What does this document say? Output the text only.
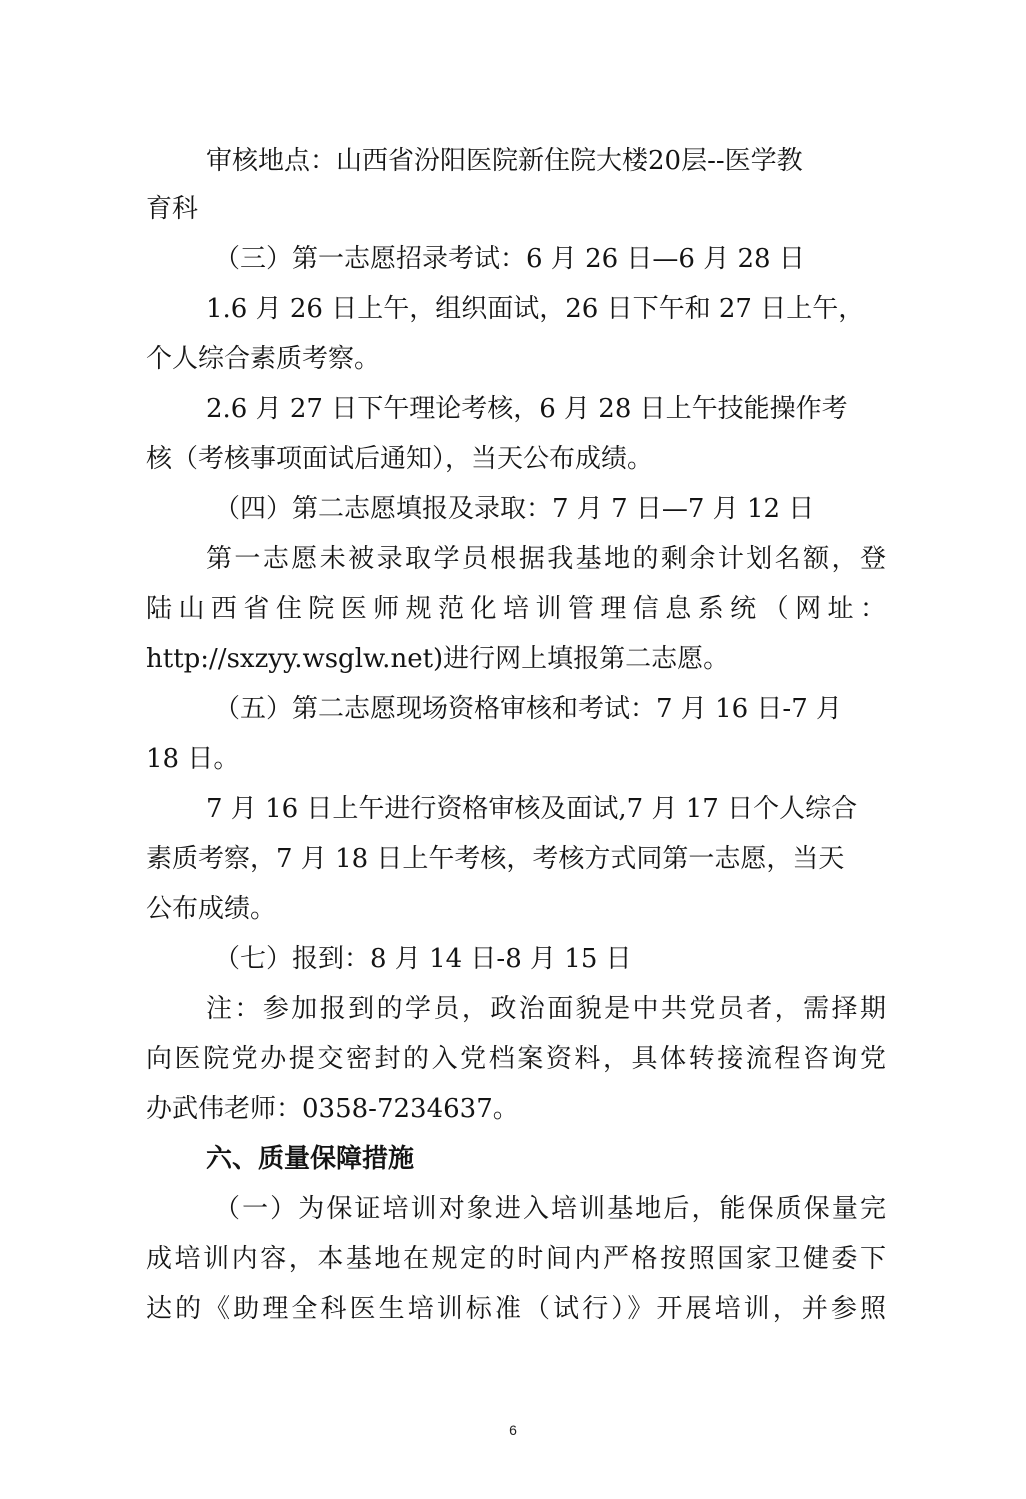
审核地点：山西省汾阳医院新住院大楼20层--医学教
育科
（三）第一志愿招录考试：6 月 26 日—6 月 28 日
1.6 月 26 日上午，组织面试，26 日下午和 27 日上午，
个人综合素质考察。
2.6 月 27 日下午理论考核，6 月 28 日上午技能操作考
核（考核事项面试后通知），当天公布成绩。
（四）第二志愿填报及录取：7 月 7 日—7 月 12 日
第一志愿未被录取学员根据我基地的剩余计划名额，登
陆山西省住院医师规范化培训管理信息系统（网址：
http://sxzyy.wsglw.net)进行网上填报第二志愿。
（五）第二志愿现场资格审核和考试：7 月 16 日-7 月
18 日。
7 月 16 日上午进行资格审核及面试,7 月 17 日个人综合
素质考察，7 月 18 日上午考核，考核方式同第一志愿，当天
公布成绩。
（七）报到：8 月 14 日-8 月 15 日
注：参加报到的学员，政治面貌是中共党员者，需择期
向医院党办提交密封的入党档案资料，具体转接流程咨询党
办武伟老师：0358-7234637。
六、质量保障措施
（一）为保证培训对象进入培训基地后，能保质保量完
成培训内容，本基地在规定的时间内严格按照国家卫健委下
达的《助理全科医生培训标准（试行）》开展培训，并参照
6
